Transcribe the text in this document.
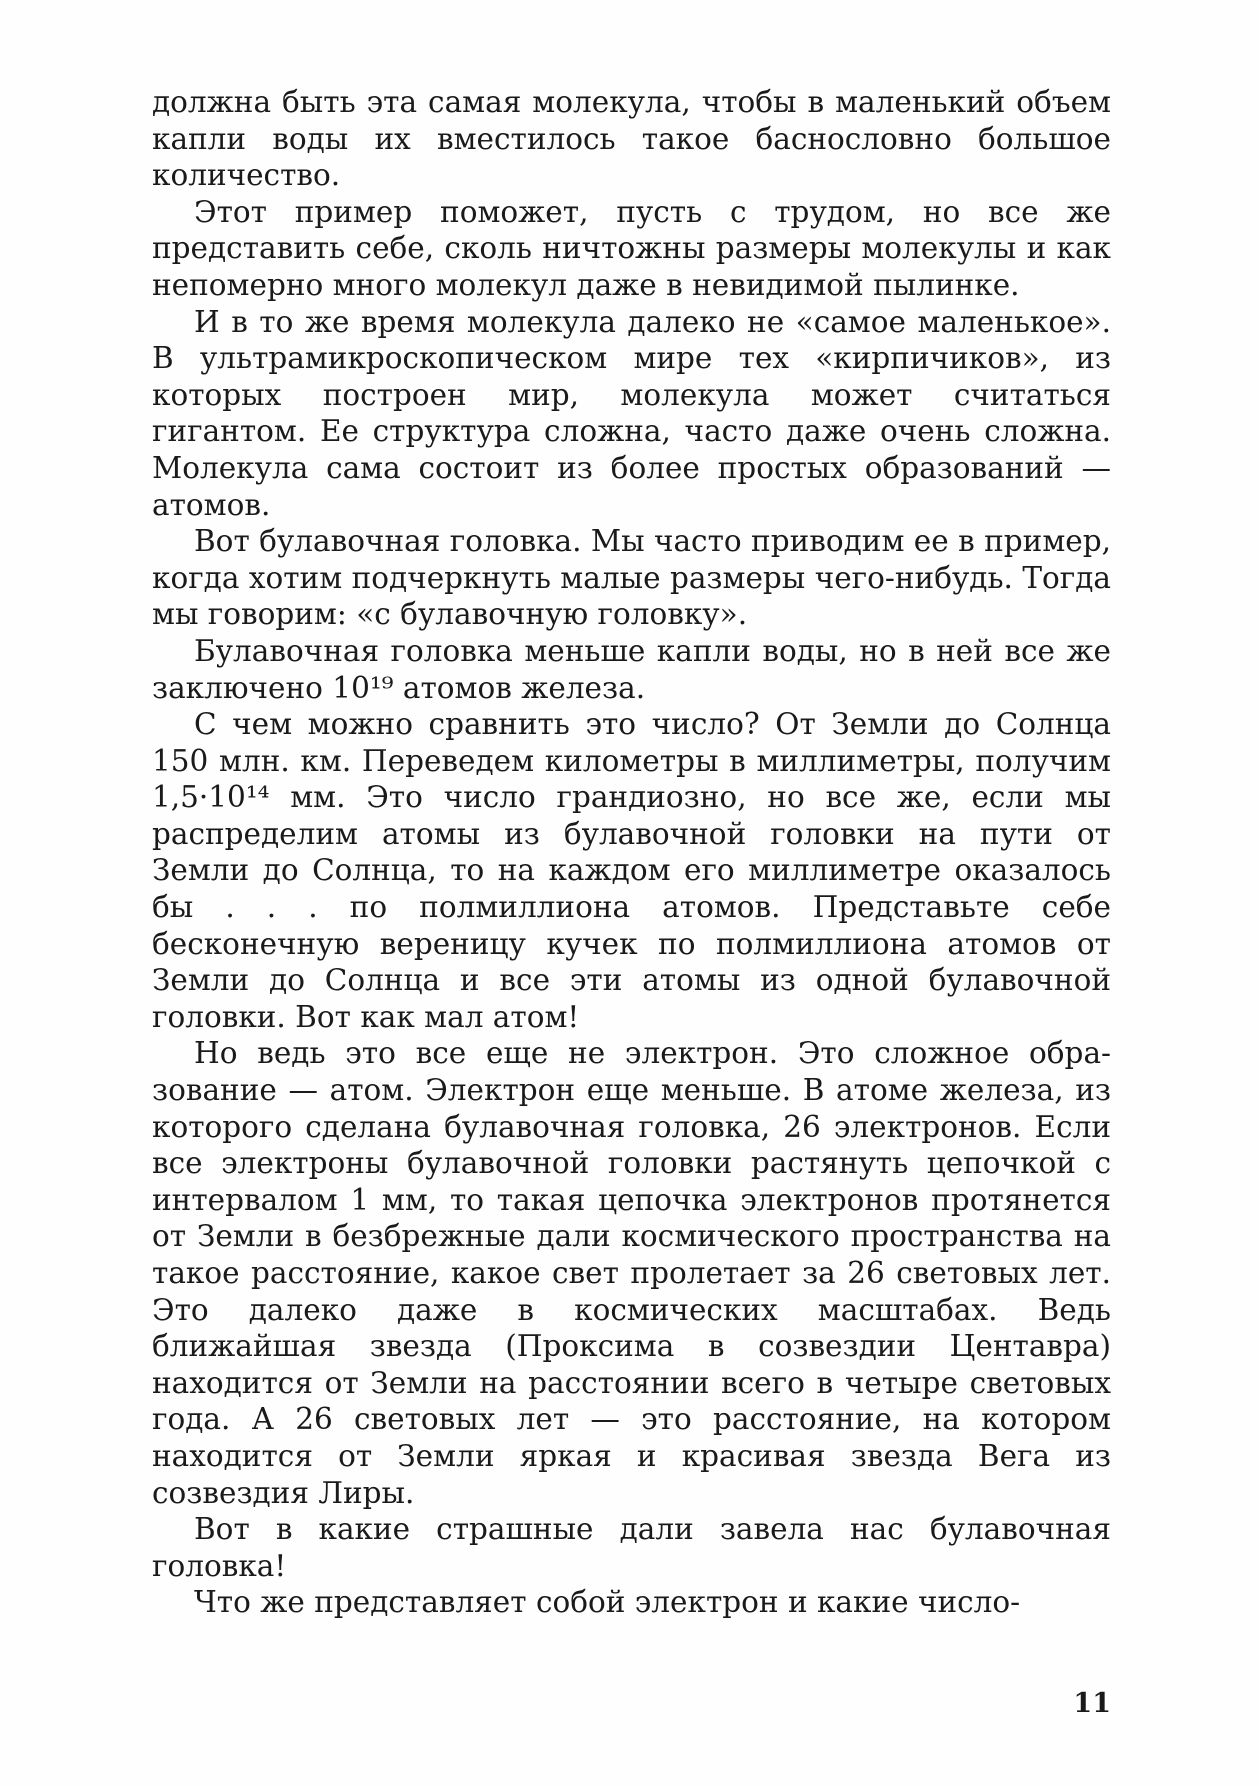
должна быть эта самая молекула, чтобы в маленький объем капли воды их вместилось такое баснословно большое количество.

Этот пример поможет, пусть с трудом, но все же представить себе, сколь ничтожны размеры молекулы и как непомерно много молекул даже в невидимой пылинке.

И в то же время молекула далеко не «самое маленькое». В ультрамикроскопическом мире тех «кирпичиков», из которых построен мир, молекула может считаться гигантом. Ее структура сложна, часто даже очень сложна. Молекула сама состоит из более простых образований — атомов.

Вот булавочная головка. Мы часто приводим ее в пример, когда хотим подчеркнуть малые размеры чего-нибудь. Тогда мы говорим: «с булавочную головку».

Булавочная головка меньше капли воды, но в ней все же заключено 10¹⁹ атомов железа.

С чем можно сравнить это число? От Земли до Солнца 150 млн. км. Переведем километры в миллиметры, получим 1,5·10¹⁴ мм. Это число грандиозно, но все же, если мы распределим атомы из булавочной головки на пути от Земли до Солнца, то на каждом его миллиметре оказалось бы . . . по полмиллиона атомов. Представьте себе бесконечную вереницу кучек по полмиллиона атомов от Земли до Солнца и все эти атомы из одной булавочной головки. Вот как мал атом!

Но ведь это все еще не электрон. Это сложное образование — атом. Электрон еще меньше. В атоме железа, из которого сделана булавочная головка, 26 электронов. Если все электроны булавочной головки растянуть цепочкой с интервалом 1 мм, то такая цепочка электронов протянется от Земли в безбрежные дали космического пространства на такое расстояние, какое свет пролетает за 26 световых лет. Это далеко даже в космических масштабах. Ведь ближайшая звезда (Проксима в созвездии Центавра) находится от Земли на расстоянии всего в четыре световых года. А 26 световых лет — это расстояние, на котором находится от Земли яркая и красивая звезда Вега из созвездия Лиры.

Вот в какие страшные дали завела нас булавочная головка!

Что же представляет собой электрон и какие число-

11
